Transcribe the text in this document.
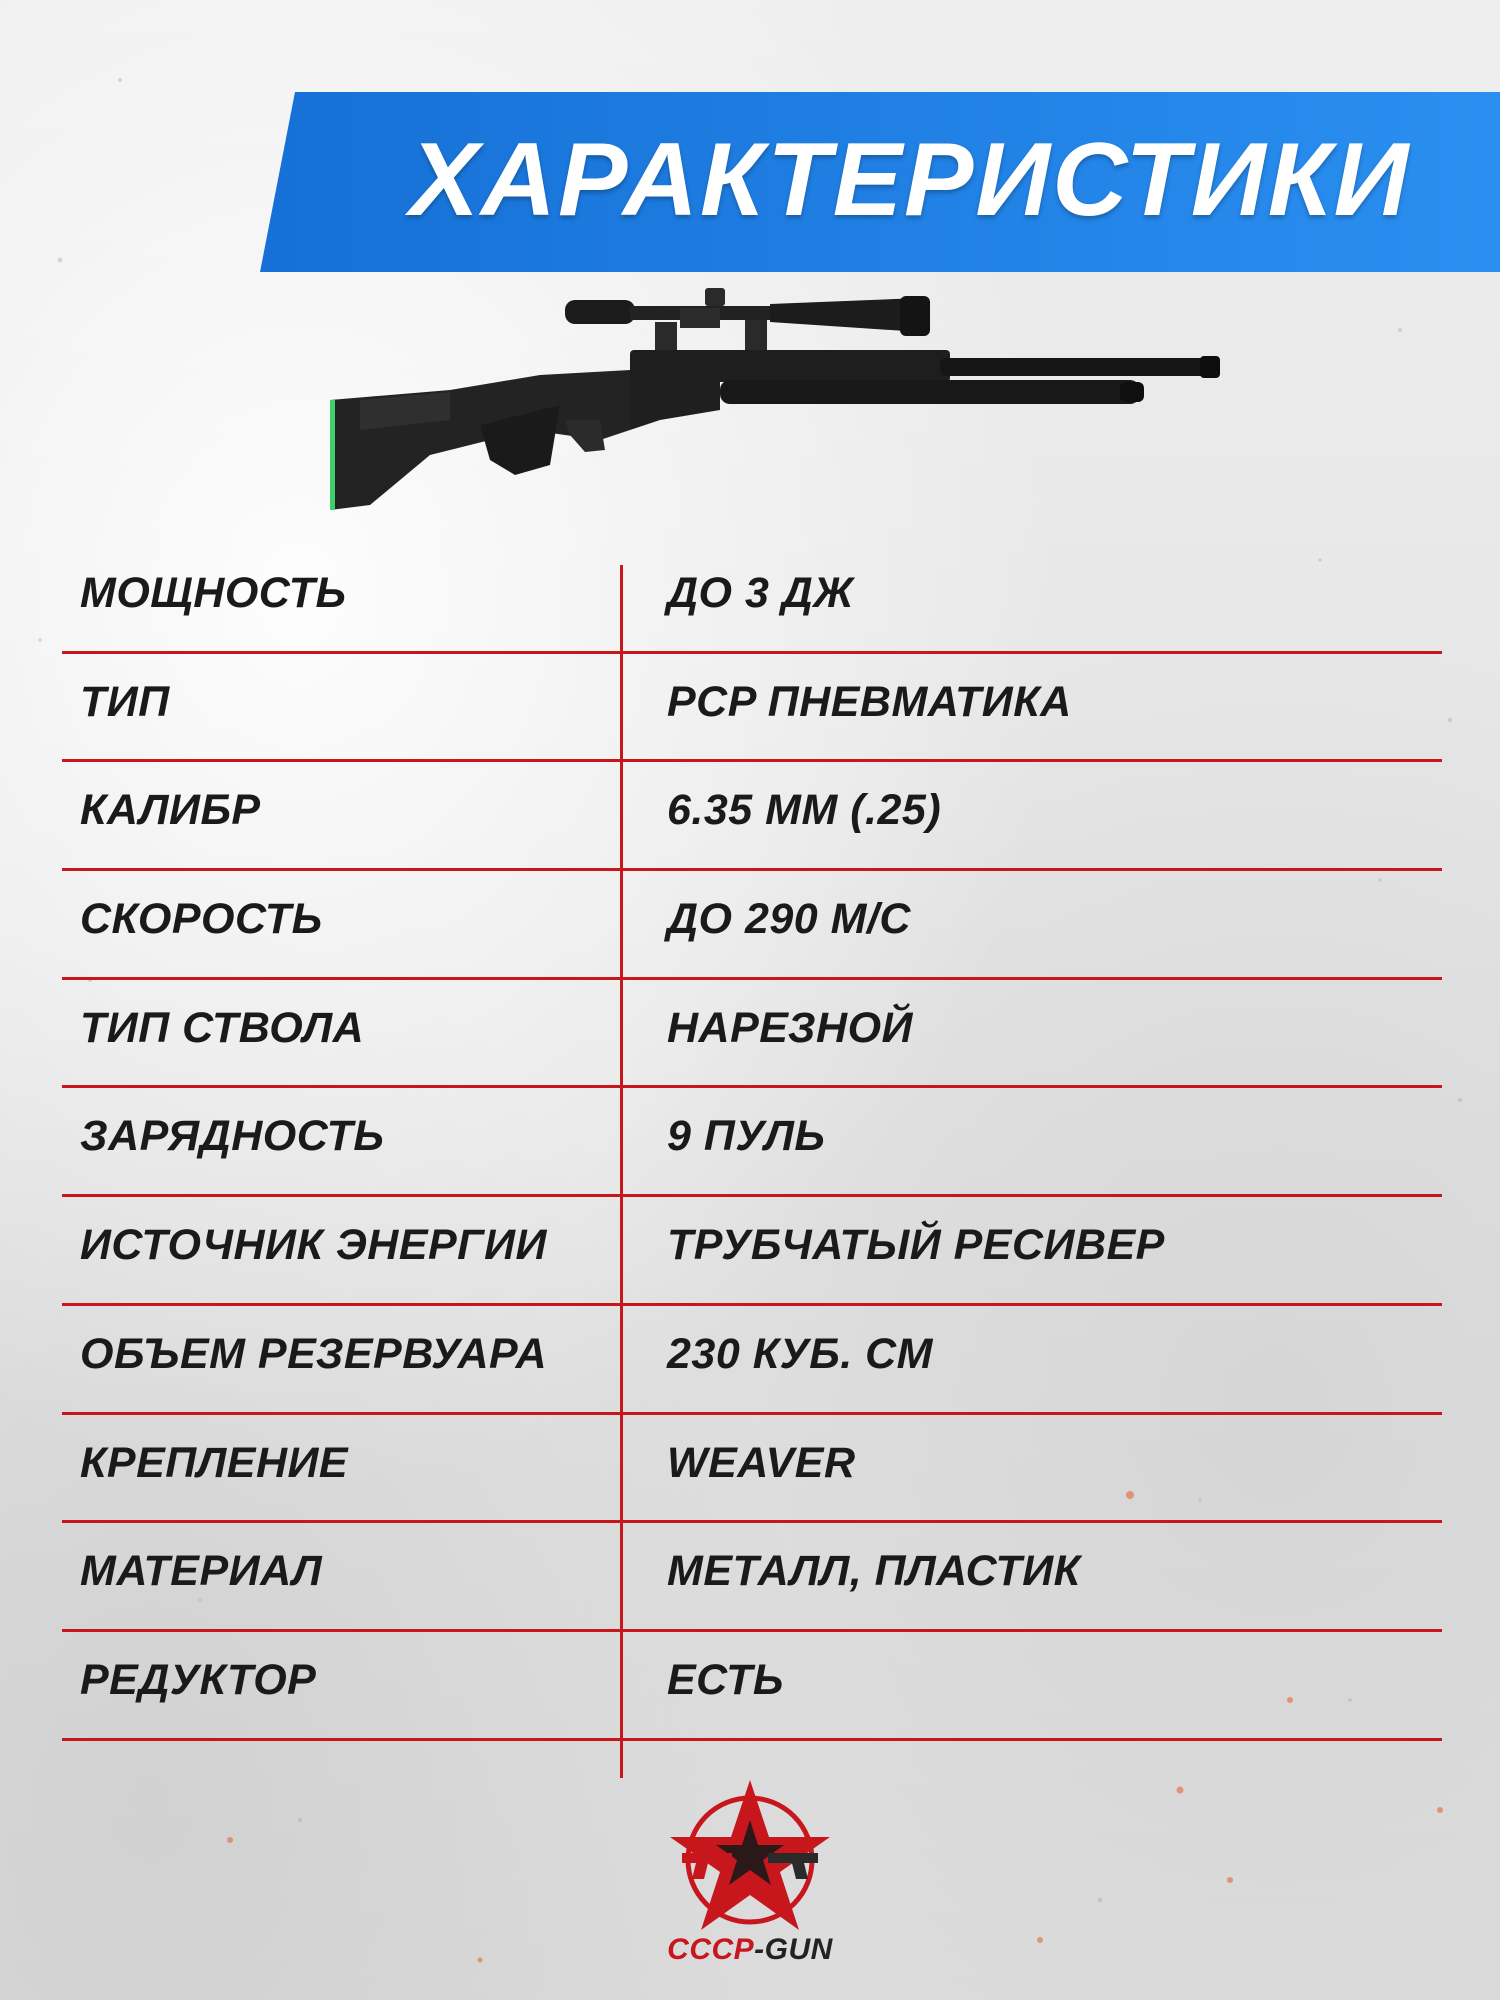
ХАРАКТЕРИСТИКИ
МОЩНОСТЬ	ДО 3 ДЖ
ТИП	PCP ПНЕВМАТИКА
КАЛИБР	6.35 ММ (.25)
СКОРОСТЬ	ДО 290 М/С
ТИП СТВОЛА	НАРЕЗНОЙ
ЗАРЯДНОСТЬ	9 ПУЛЬ
ИСТОЧНИК ЭНЕРГИИ	ТРУБЧАТЫЙ РЕСИВЕР
ОБЪЕМ РЕЗЕРВУАРА	230 КУБ. СМ
КРЕПЛЕНИЕ	WEAVER
МАТЕРИАЛ	МЕТАЛЛ, ПЛАСТИК
РЕДУКТОР	ЕСТЬ
СССР-GUN
